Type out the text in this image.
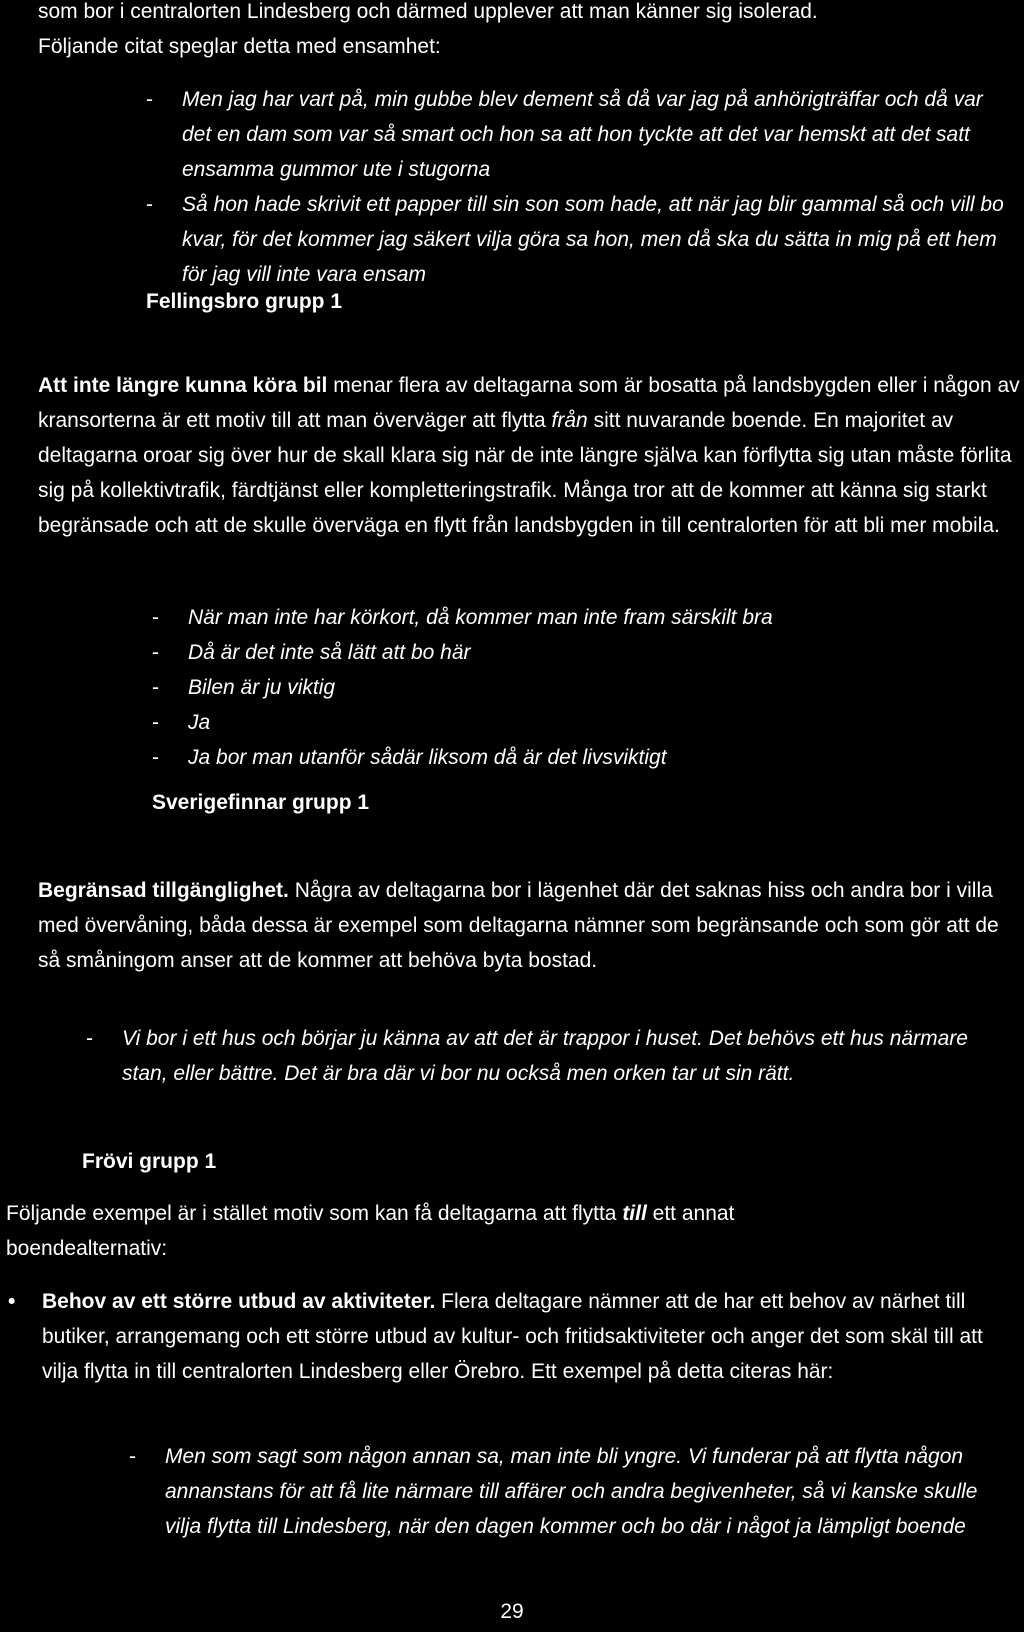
som bor i centralorten Lindesberg och därmed upplever att man känner sig isolerad.

Följande citat speglar detta med ensamhet:

- Men jag har vart på, min gubbe blev dement så då var jag på anhörigträffar och då var det en dam som var så smart och hon sa att hon tyckte att det var hemskt att det satt ensamma gummor ute i stugorna

- Så hon hade skrivit ett papper till sin son som hade, att när jag blir gammal så och vill bo kvar, för det kommer jag säkert vilja göra sa hon, men då ska du sätta in mig på ett hem för jag vill inte vara ensam

Fellingsbro grupp 1

Att inte längre kunna köra bil menar flera av deltagarna som är bosatta på landsbygden eller i någon av kransorterna är ett motiv till att man överväger att flytta från sitt nuvarande boende. En majoritet av deltagarna oroar sig över hur de skall klara sig när de inte längre själva kan förflytta sig utan måste förlita sig på kollektivtrafik, färdtjänst eller kompletteringstrafik. Många tror att de kommer att känna sig starkt begränsade och att de skulle överväga en flytt från landsbygden in till centralorten för att bli mer mobila.

- När man inte har körkort, då kommer man inte fram särskilt bra

- Då är det inte så lätt att bo här

- Bilen är ju viktig

- Ja

- Ja bor man utanför sådär liksom då är det livsviktigt

Sverigefinnar grupp 1

Begränsad tillgänglighet. Några av deltagarna bor i lägenhet där det saknas hiss och andra bor i villa med övervåning, båda dessa är exempel som deltagarna nämner som begränsande och som gör att de så småningom anser att de kommer att behöva byta bostad.

- Vi bor i ett hus och börjar ju känna av att det är trappor i huset. Det behövs ett hus närmare stan, eller bättre. Det är bra där vi bor nu också men orken tar ut sin rätt.

Frövi grupp 1

Följande exempel är i stället motiv som kan få deltagarna att flytta till ett annat boendealternativ:

• Behov av ett större utbud av aktiviteter. Flera deltagare nämner att de har ett behov av närhet till butiker, arrangemang och ett större utbud av kultur- och fritidsaktiviteter och anger det som skäl till att vilja flytta in till centralorten Lindesberg eller Örebro. Ett exempel på detta citeras här:

- Men som sagt som någon annan sa, man inte bli yngre. Vi funderar på att flytta någon annanstans för att få lite närmare till affärer och andra begivenheter, så vi kanske skulle vilja flytta till Lindesberg, när den dagen kommer och bo där i något ja lämpligt boende

29
